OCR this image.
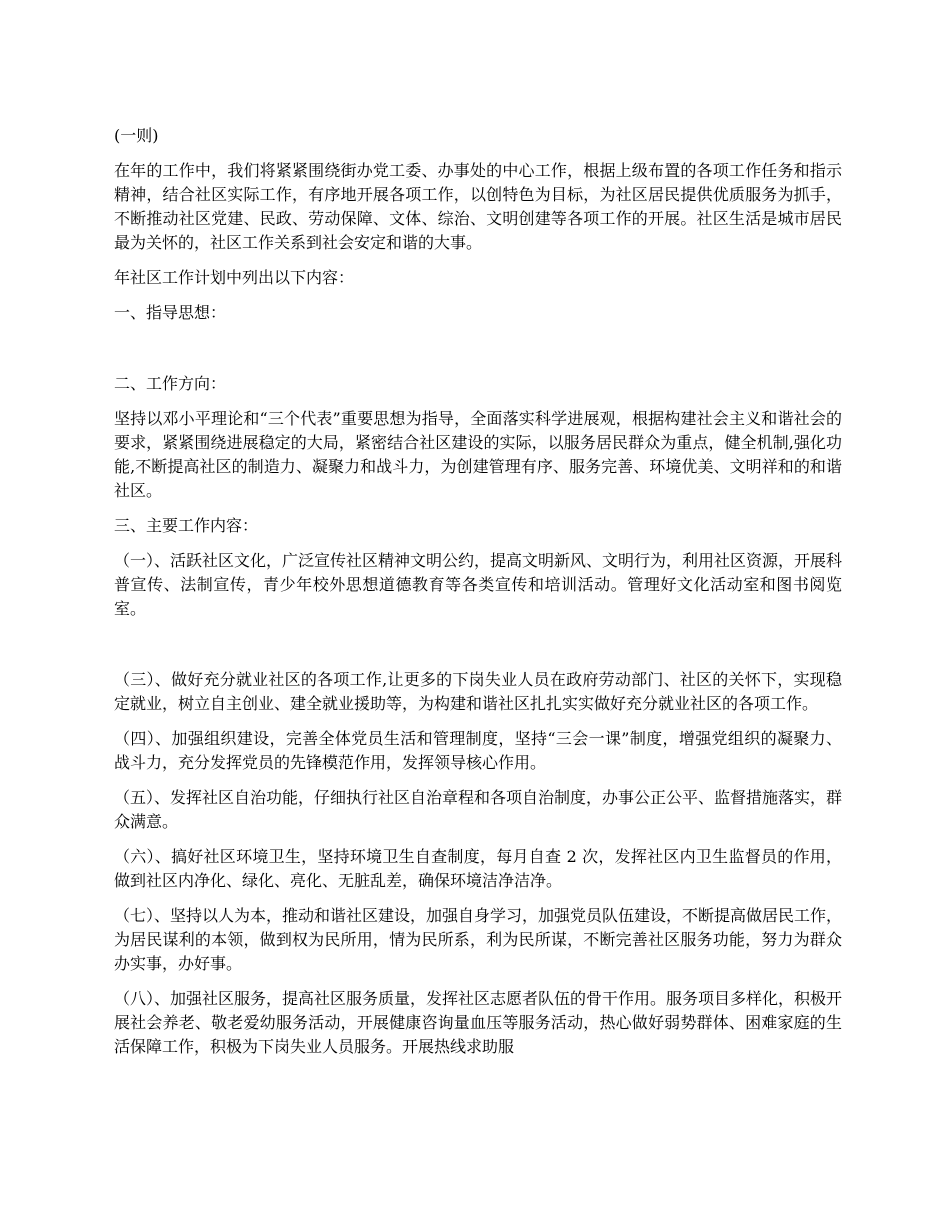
(一则)

在年的工作中，我们将紧紧围绕街办党工委、办事处的中心工作，根据上级布置的各项工作任务和指示精神，结合社区实际工作，有序地开展各项工作，以创特色为目标，为社区居民提供优质服务为抓手，不断推动社区党建、民政、劳动保障、文体、综治、文明创建等各项工作的开展。社区生活是城市居民最为关怀的，社区工作关系到社会安定和谐的大事。

年社区工作计划中列出以下内容：

一、指导思想：

二、工作方向：

坚持以邓小平理论和“三个代表”重要思想为指导，全面落实科学进展观，根据构建社会主义和谐社会的要求，紧紧围绕进展稳定的大局，紧密结合社区建设的实际，以服务居民群众为重点，健全机制,强化功能,不断提高社区的制造力、凝聚力和战斗力，为创建管理有序、服务完善、环境优美、文明祥和的和谐社区。

三、主要工作内容：

（一）、活跃社区文化，广泛宣传社区精神文明公约，提高文明新风、文明行为，利用社区资源，开展科普宣传、法制宣传，青少年校外思想道德教育等各类宣传和培训活动。管理好文化活动室和图书阅览室。

（三）、做好充分就业社区的各项工作,让更多的下岗失业人员在政府劳动部门、社区的关怀下，实现稳定就业，树立自主创业、建全就业援助等，为构建和谐社区扎扎实实做好充分就业社区的各项工作。

（四）、加强组织建设，完善全体党员生活和管理制度，坚持“三会一课”制度，增强党组织的凝聚力、战斗力，充分发挥党员的先锋模范作用，发挥领导核心作用。

（五）、发挥社区自治功能，仔细执行社区自治章程和各项自治制度，办事公正公平、监督措施落实，群众满意。

（六）、搞好社区环境卫生，坚持环境卫生自查制度，每月自查 2 次，发挥社区内卫生监督员的作用，做到社区内净化、绿化、亮化、无脏乱差，确保环境洁净洁净。

（七）、坚持以人为本，推动和谐社区建设，加强自身学习，加强党员队伍建设，不断提高做居民工作，为居民谋利的本领，做到权为民所用，情为民所系，利为民所谋，不断完善社区服务功能，努力为群众办实事，办好事。

（八）、加强社区服务，提高社区服务质量，发挥社区志愿者队伍的骨干作用。服务项目多样化，积极开展社会养老、敬老爱幼服务活动，开展健康咨询量血压等服务活动，热心做好弱势群体、困难家庭的生活保障工作，积极为下岗失业人员服务。开展热线求助服
